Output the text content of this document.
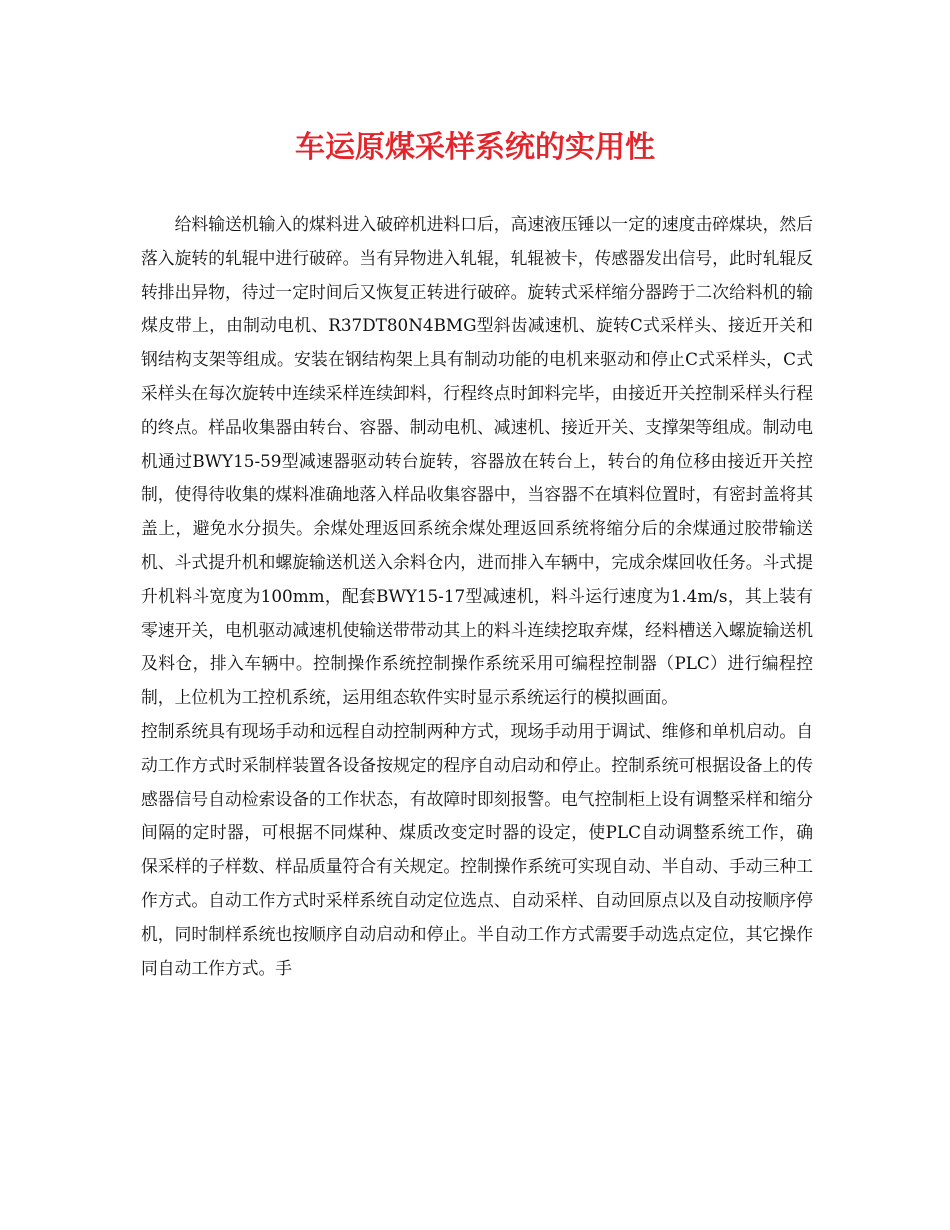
车运原煤采样系统的实用性

给料输送机输入的煤料进入破碎机进料口后，高速液压锤以一定的速度击碎煤块，然后落入旋转的轧辊中进行破碎。当有异物进入轧辊，轧辊被卡，传感器发出信号，此时轧辊反转排出异物，待过一定时间后又恢复正转进行破碎。旋转式采样缩分器跨于二次给料机的输煤皮带上，由制动电机、R37DT80N4BMG型斜齿减速机、旋转C式采样头、接近开关和钢结构支架等组成。安装在钢结构架上具有制动功能的电机来驱动和停止C式采样头，C式采样头在每次旋转中连续采样连续卸料，行程终点时卸料完毕，由接近开关控制采样头行程的终点。样品收集器由转台、容器、制动电机、减速机、接近开关、支撑架等组成。制动电机通过BWY15-59型减速器驱动转台旋转，容器放在转台上，转台的角位移由接近开关控制，使得待收集的煤料准确地落入样品收集容器中，当容器不在填料位置时，有密封盖将其盖上，避免水分损失。余煤处理返回系统余煤处理返回系统将缩分后的余煤通过胶带输送机、斗式提升机和螺旋输送机送入余料仓内，进而排入车辆中，完成余煤回收任务。斗式提升机料斗宽度为100mm，配套BWY15-17型减速机，料斗运行速度为1.4m/s，其上装有零速开关，电机驱动减速机使输送带带动其上的料斗连续挖取弃煤，经料槽送入螺旋输送机及料仓，排入车辆中。控制操作系统控制操作系统采用可编程控制器（PLC）进行编程控制，上位机为工控机系统，运用组态软件实时显示系统运行的模拟画面。

控制系统具有现场手动和远程自动控制两种方式，现场手动用于调试、维修和单机启动。自动工作方式时采制样装置各设备按规定的程序自动启动和停止。控制系统可根据设备上的传感器信号自动检索设备的工作状态，有故障时即刻报警。电气控制柜上设有调整采样和缩分间隔的定时器，可根据不同煤种、煤质改变定时器的设定，使PLC自动调整系统工作，确保采样的子样数、样品质量符合有关规定。控制操作系统可实现自动、半自动、手动三种工作方式。自动工作方式时采样系统自动定位选点、自动采样、自动回原点以及自动按顺序停机，同时制样系统也按顺序自动启动和停止。半自动工作方式需要手动选点定位，其它操作同自动工作方式。手
